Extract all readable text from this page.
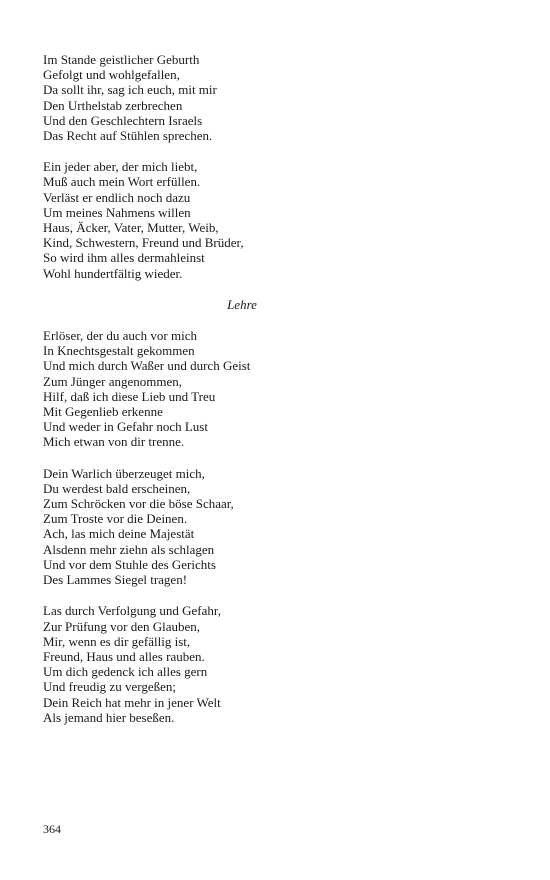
Im Stande geistlicher Geburth
Gefolgt und wohlgefallen,
Da sollt ihr, sag ich euch, mit mir
Den Urthelstab zerbrechen
Und den Geschlechtern Israels
Das Recht auf Stühlen sprechen.
Ein jeder aber, der mich liebt,
Muß auch mein Wort erfüllen.
Verläst er endlich noch dazu
Um meines Nahmens willen
Haus, Äcker, Vater, Mutter, Weib,
Kind, Schwestern, Freund und Brüder,
So wird ihm alles dermahleinst
Wohl hundertfältig wieder.
Lehre
Erlöser, der du auch vor mich
In Knechtsgestalt gekommen
Und mich durch Waßer und durch Geist
Zum Jünger angenommen,
Hilf, daß ich diese Lieb und Treu
Mit Gegenlieb erkenne
Und weder in Gefahr noch Lust
Mich etwan von dir trenne.
Dein Warlich überzeuget mich,
Du werdest bald erscheinen,
Zum Schröcken vor die böse Schaar,
Zum Troste vor die Deinen.
Ach, las mich deine Majestät
Alsdenn mehr ziehn als schlagen
Und vor dem Stuhle des Gerichts
Des Lammes Siegel tragen!
Las durch Verfolgung und Gefahr,
Zur Prüfung vor den Glauben,
Mir, wenn es dir gefällig ist,
Freund, Haus und alles rauben.
Um dich gedenck ich alles gern
Und freudig zu vergeßen;
Dein Reich hat mehr in jener Welt
Als jemand hier beseßen.
364
